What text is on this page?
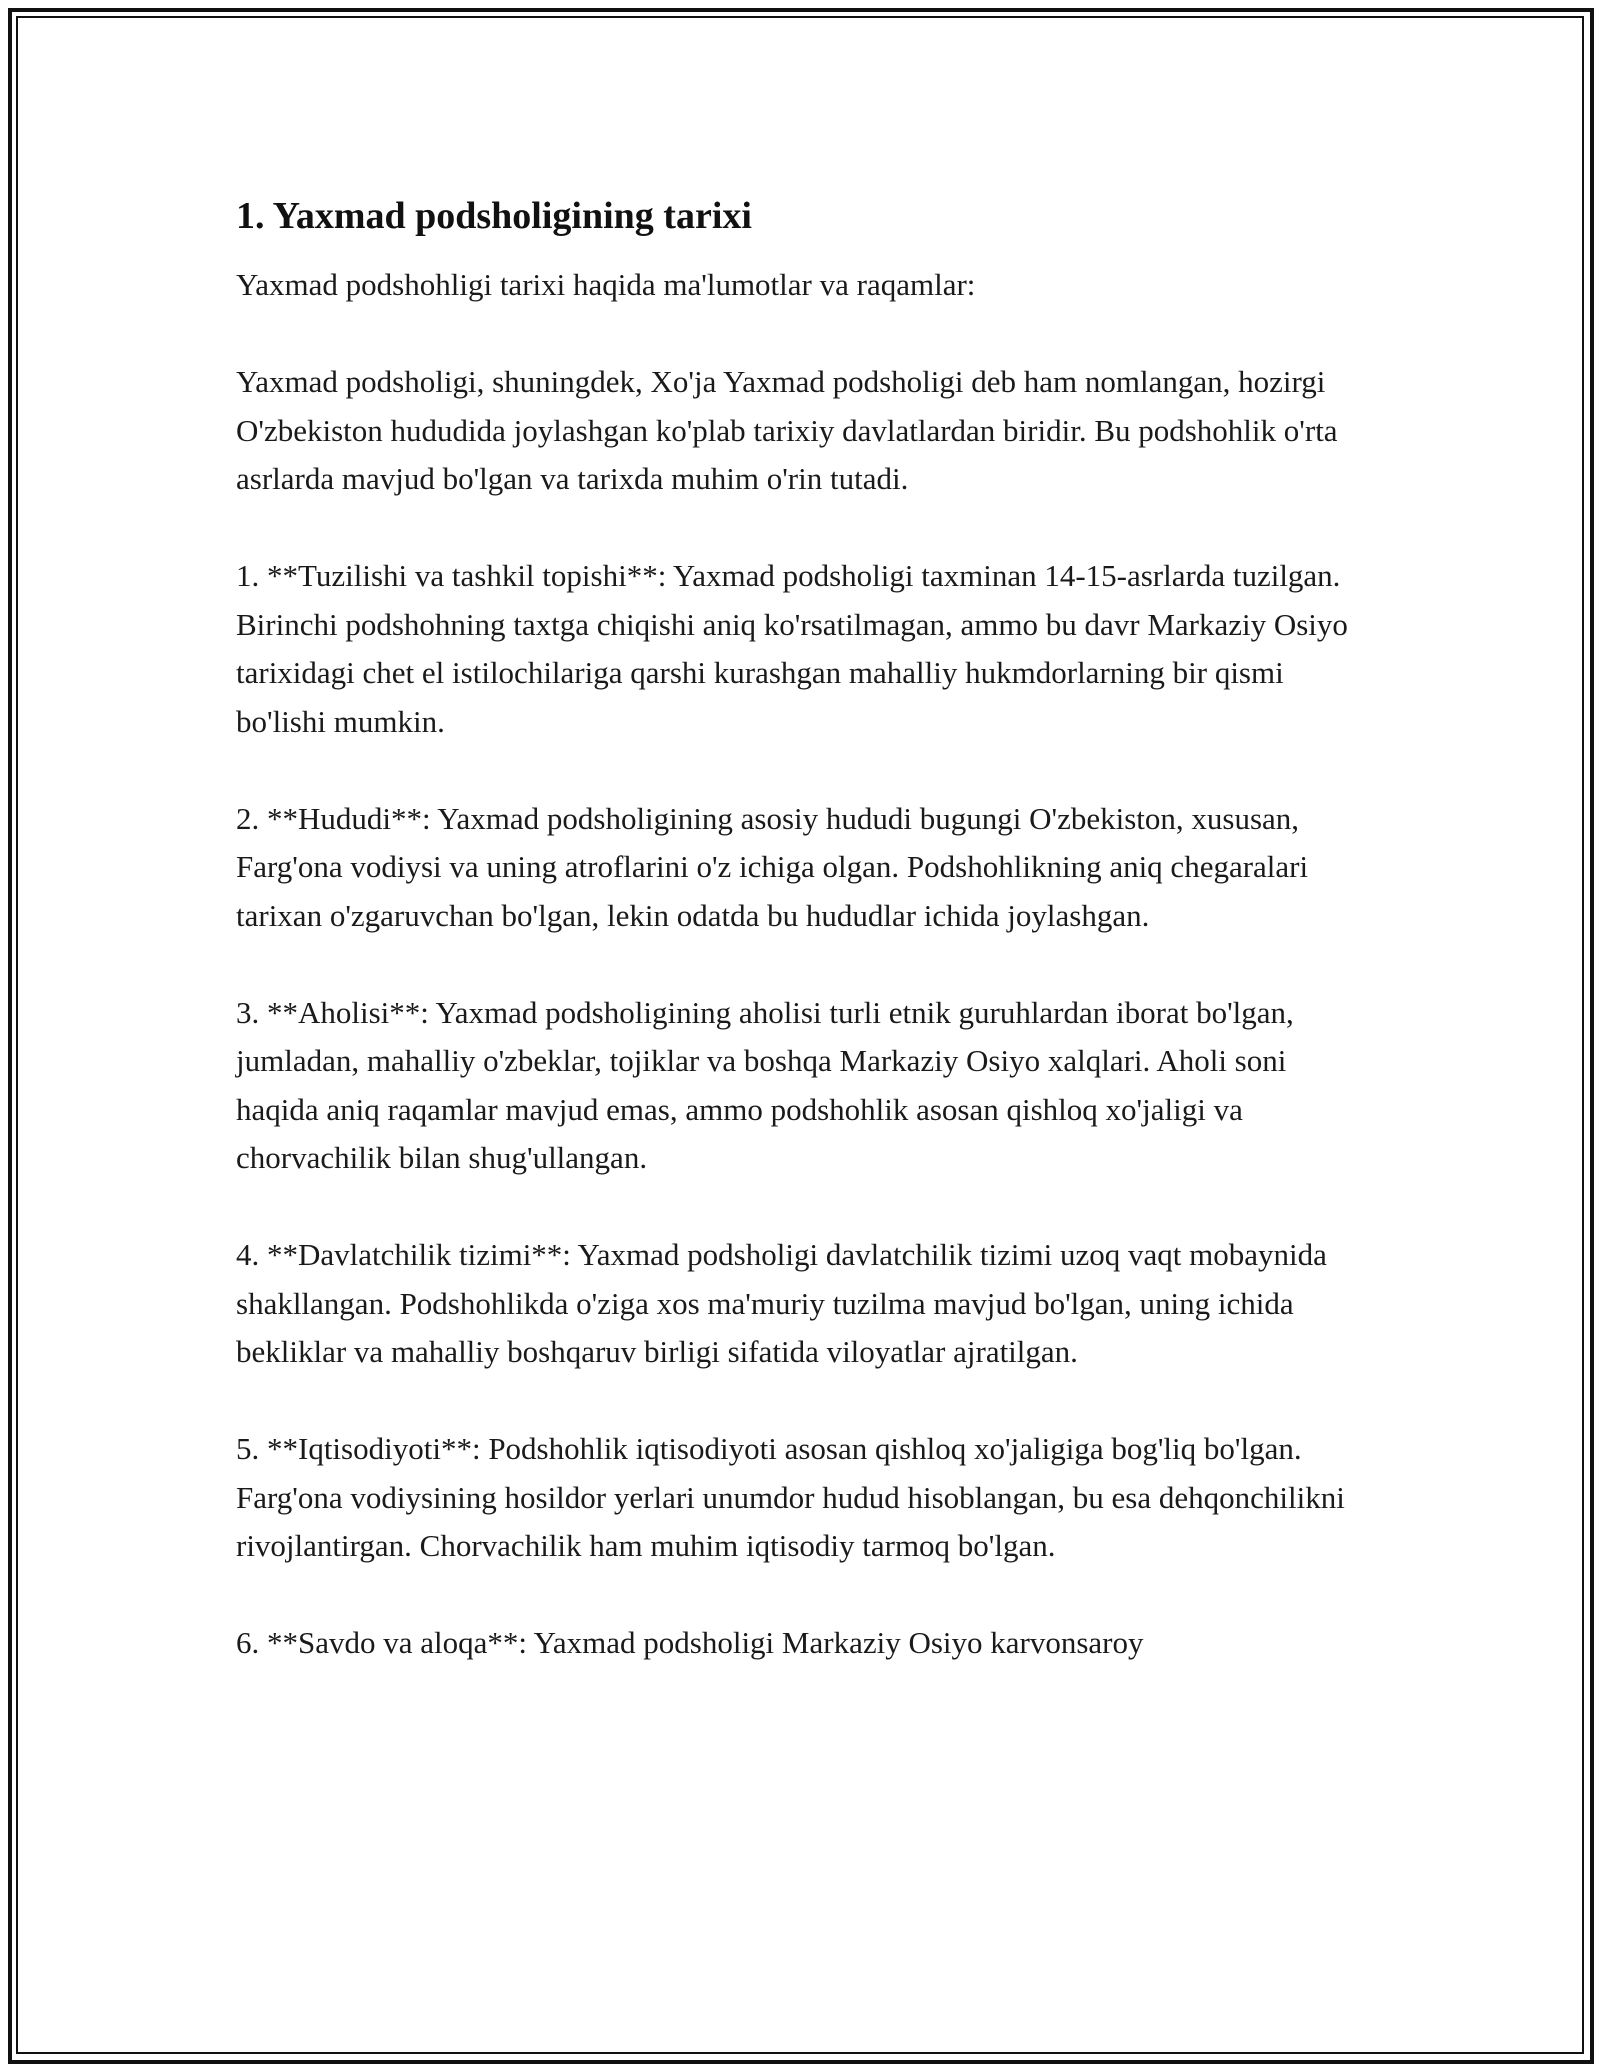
1. Yaxmad podsholigining tarixi

Yaxmad podshohligi tarixi haqida ma'lumotlar va raqamlar:

Yaxmad podsholigi, shuningdek, Xo'ja Yaxmad podsholigi deb ham nomlangan, hozirgi O'zbekiston hududida joylashgan ko'plab tarixiy davlatlardan biridir. Bu podshohlik o'rta asrlarda mavjud bo'lgan va tarixda muhim o'rin tutadi.

1. **Tuzilishi va tashkil topishi**: Yaxmad podsholigi taxminan 14-15-asrlarda tuzilgan. Birinchi podshohning taxtga chiqishi aniq ko'rsatilmagan, ammo bu davr Markaziy Osiyo tarixidagi chet el istilochilariga qarshi kurashgan mahalliy hukmdorlarning bir qismi bo'lishi mumkin.

2. **Hududi**: Yaxmad podsholigining asosiy hududi bugungi O'zbekiston, xususan, Farg'ona vodiysi va uning atroflarini o'z ichiga olgan. Podshohlikning aniq chegaralari tarixan o'zgaruvchan bo'lgan, lekin odatda bu hududlar ichida joylashgan.

3. **Aholisi**: Yaxmad podsholigining aholisi turli etnik guruhlardan iborat bo'lgan, jumladan, mahalliy o'zbeklar, tojiklar va boshqa Markaziy Osiyo xalqlari. Aholi soni haqida aniq raqamlar mavjud emas, ammo podshohlik asosan qishloq xo'jaligi va chorvachilik bilan shug'ullangan.

4. **Davlatchilik tizimi**: Yaxmad podsholigi davlatchilik tizimi uzoq vaqt mobaynida shakllangan. Podshohlikda o'ziga xos ma'muriy tuzilma mavjud bo'lgan, uning ichida bekliklar va mahalliy boshqaruv birligi sifatida viloyatlar ajratilgan.

5. **Iqtisodiyoti**: Podshohlik iqtisodiyoti asosan qishloq xo'jaligiga bog'liq bo'lgan. Farg'ona vodiysining hosildor yerlari unumdor hudud hisoblangan, bu esa dehqonchilikni rivojlantirgan. Chorvachilik ham muhim iqtisodiy tarmoq bo'lgan.

6. **Savdo va aloqa**: Yaxmad podsholigi Markaziy Osiyo karvonsaroy
